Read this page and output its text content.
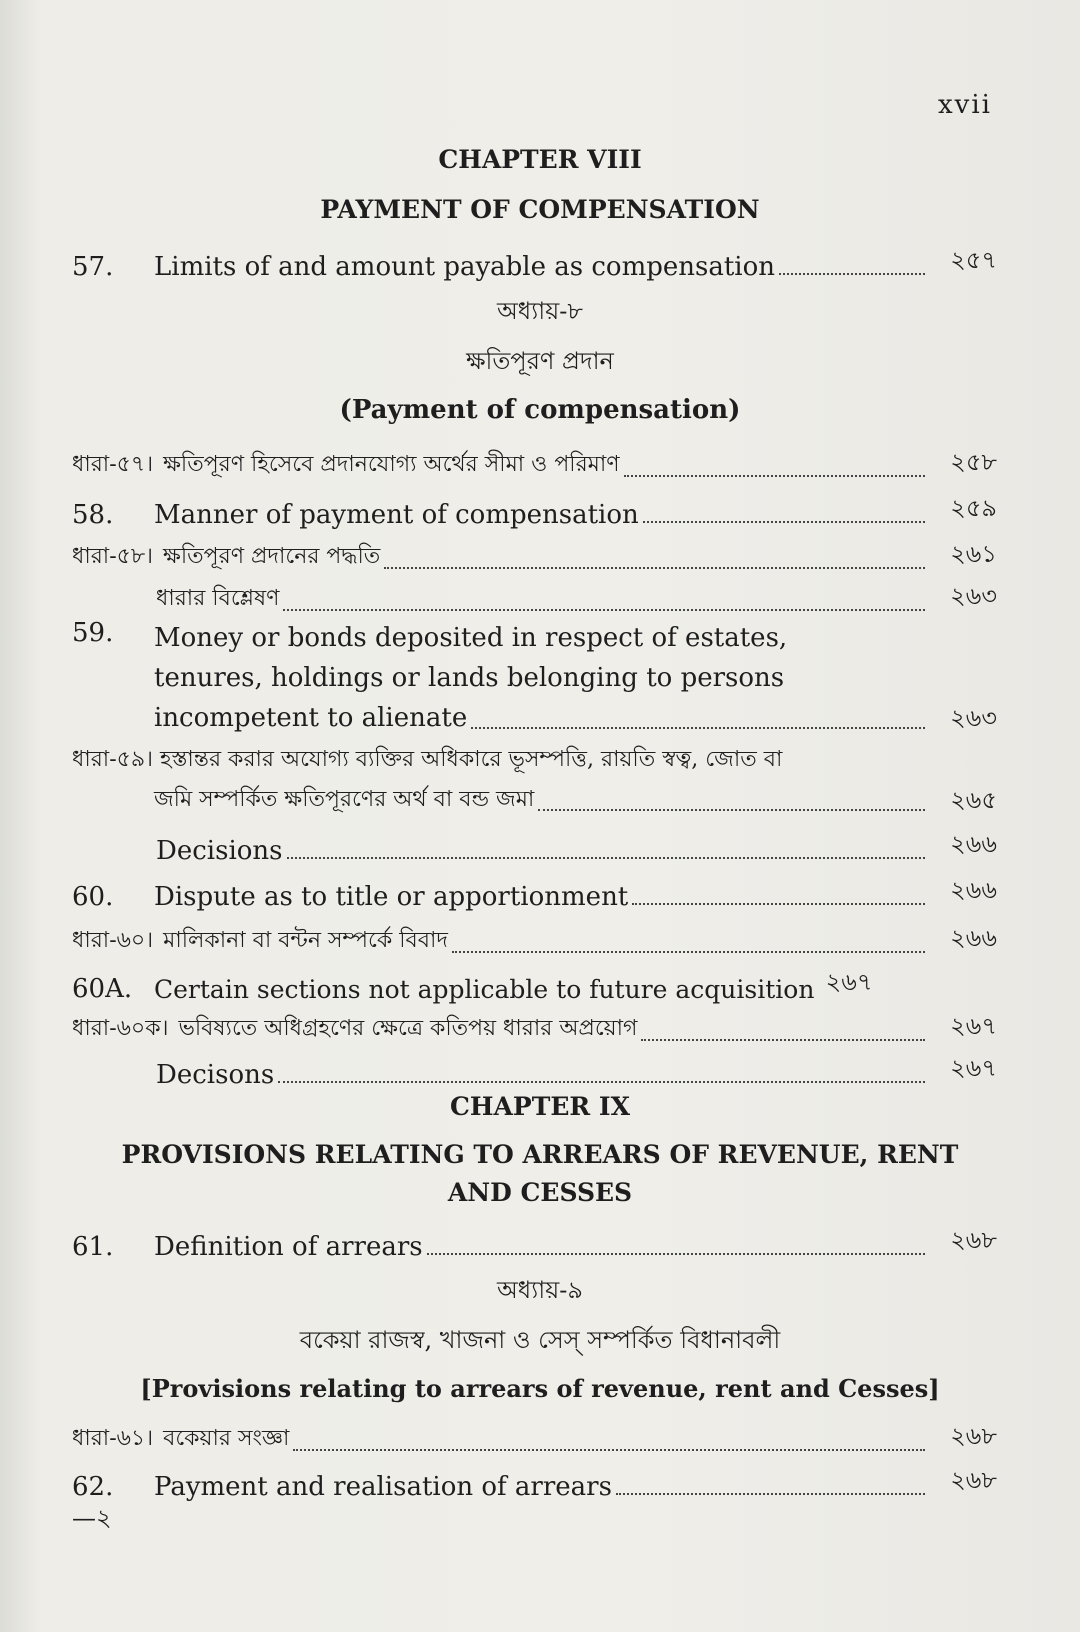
xvii
CHAPTER VIII
PAYMENT OF COMPENSATION
57.	Limits of and amount payable as compensation	২৫৭
অধ্যায়-৮
ক্ষতিপূরণ প্রদান
(Payment of compensation)
ধারা-৫৭। ক্ষতিপূরণ হিসেবে প্রদানযোগ্য অর্থের সীমা ও পরিমাণ	২৫৮
58.	Manner of payment of compensation	২৫৯
ধারা-৫৮। ক্ষতিপূরণ প্রদানের পদ্ধতি	২৬১
ধারার বিশ্লেষণ	২৬৩
59. Money or bonds deposited in respect of estates,
tenures, holdings or lands belonging to persons
incompetent to alienate	২৬৩
ধারা-৫৯। হস্তান্তর করার অযোগ্য ব্যক্তির অধিকারে ভূসম্পত্তি, রায়তি স্বত্ব, জোত বা
জমি সম্পর্কিত ক্ষতিপূরণের অর্থ বা বন্ড জমা	২৬৫
Decisions	২৬৬
60.	Dispute as to title or apportionment	২৬৬
ধারা-৬০। মালিকানা বা বন্টন সম্পর্কে বিবাদ	২৬৬
60A. Certain sections not applicable to future acquisition ২৬৭
ধারা-৬০ক। ভবিষ্যতে অধিগ্রহণের ক্ষেত্রে কতিপয় ধারার অপ্রয়োগ	২৬৭
Decisons	২৬৭
CHAPTER IX
PROVISIONS RELATING TO ARREARS OF REVENUE, RENT
AND CESSES
61.	Definition of arrears	২৬৮
অধ্যায়-৯
বকেয়া রাজস্ব, খাজনা ও সেস্ সম্পর্কিত বিধানাবলী
[Provisions relating to arrears of revenue, rent and Cesses]
ধারা-৬১। বকেয়ার সংজ্ঞা	২৬৮
62.	Payment and realisation of arrears	২৬৮
—২
